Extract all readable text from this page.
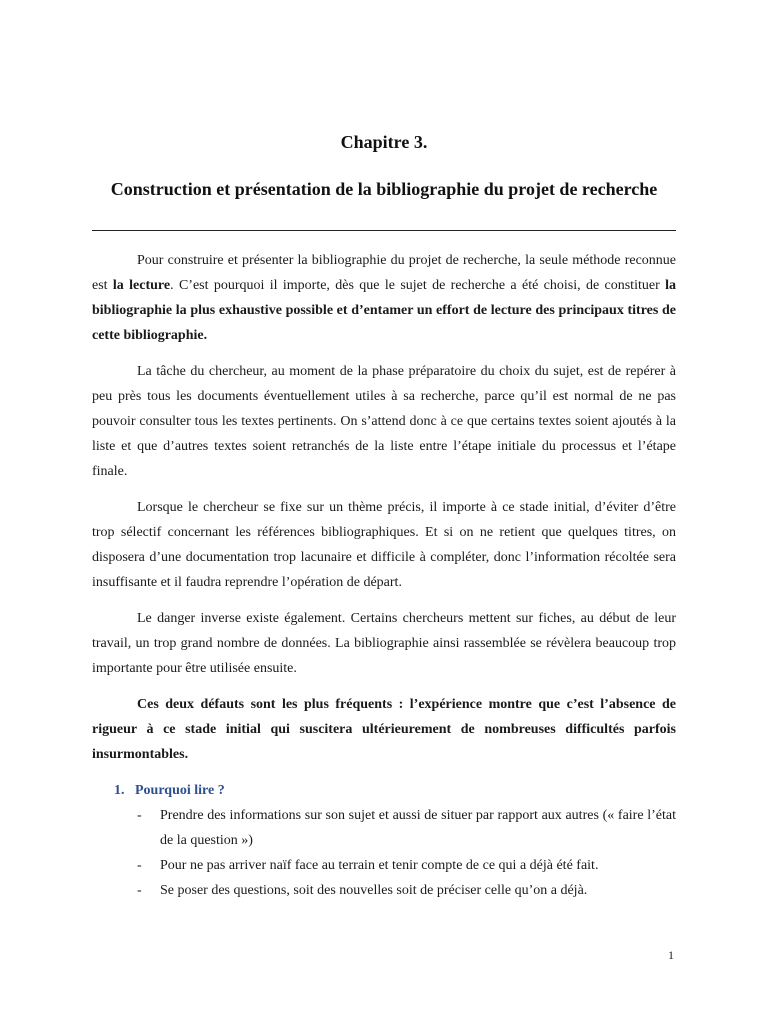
Chapitre 3.
Construction et présentation de la bibliographie du projet de recherche

Pour construire et présenter la bibliographie du projet de recherche, la seule méthode reconnue est la lecture. C’est pourquoi il importe, dès que le sujet de recherche a été choisi, de constituer la bibliographie la plus exhaustive possible et d’entamer un effort de lecture des principaux titres de cette bibliographie.

La tâche du chercheur, au moment de la phase préparatoire du choix du sujet, est de repérer à peu près tous les documents éventuellement utiles à sa recherche, parce qu’il est normal de ne pas pouvoir consulter tous les textes pertinents. On s’attend donc à ce que certains textes soient ajoutés à la liste et que d’autres textes soient retranchés de la liste entre l’étape initiale du processus et l’étape finale.

Lorsque le chercheur se fixe sur un thème précis, il importe à ce stade initial, d’éviter d’être trop sélectif concernant les références bibliographiques. Et si on ne retient que quelques titres, on disposera d’une documentation trop lacunaire et difficile à compléter, donc l’information récoltée sera insuffisante et il faudra reprendre l’opération de départ.

Le danger inverse existe également. Certains chercheurs mettent sur fiches, au début de leur travail, un trop grand nombre de données. La bibliographie ainsi rassemblée se révèlera beaucoup trop importante pour être utilisée ensuite.

Ces deux défauts sont les plus fréquents : l’expérience montre que c’est l’absence de rigueur à ce stade initial qui suscitera ultérieurement de nombreuses difficultés parfois insurmontables.

1. Pourquoi lire ?
- Prendre des informations sur son sujet et aussi de situer par rapport aux autres (« faire l’état de la question »)
- Pour ne pas arriver naïf face au terrain et tenir compte de ce qui a déjà été fait.
- Se poser des questions, soit des nouvelles soit de préciser celle qu’on a déjà.
1
